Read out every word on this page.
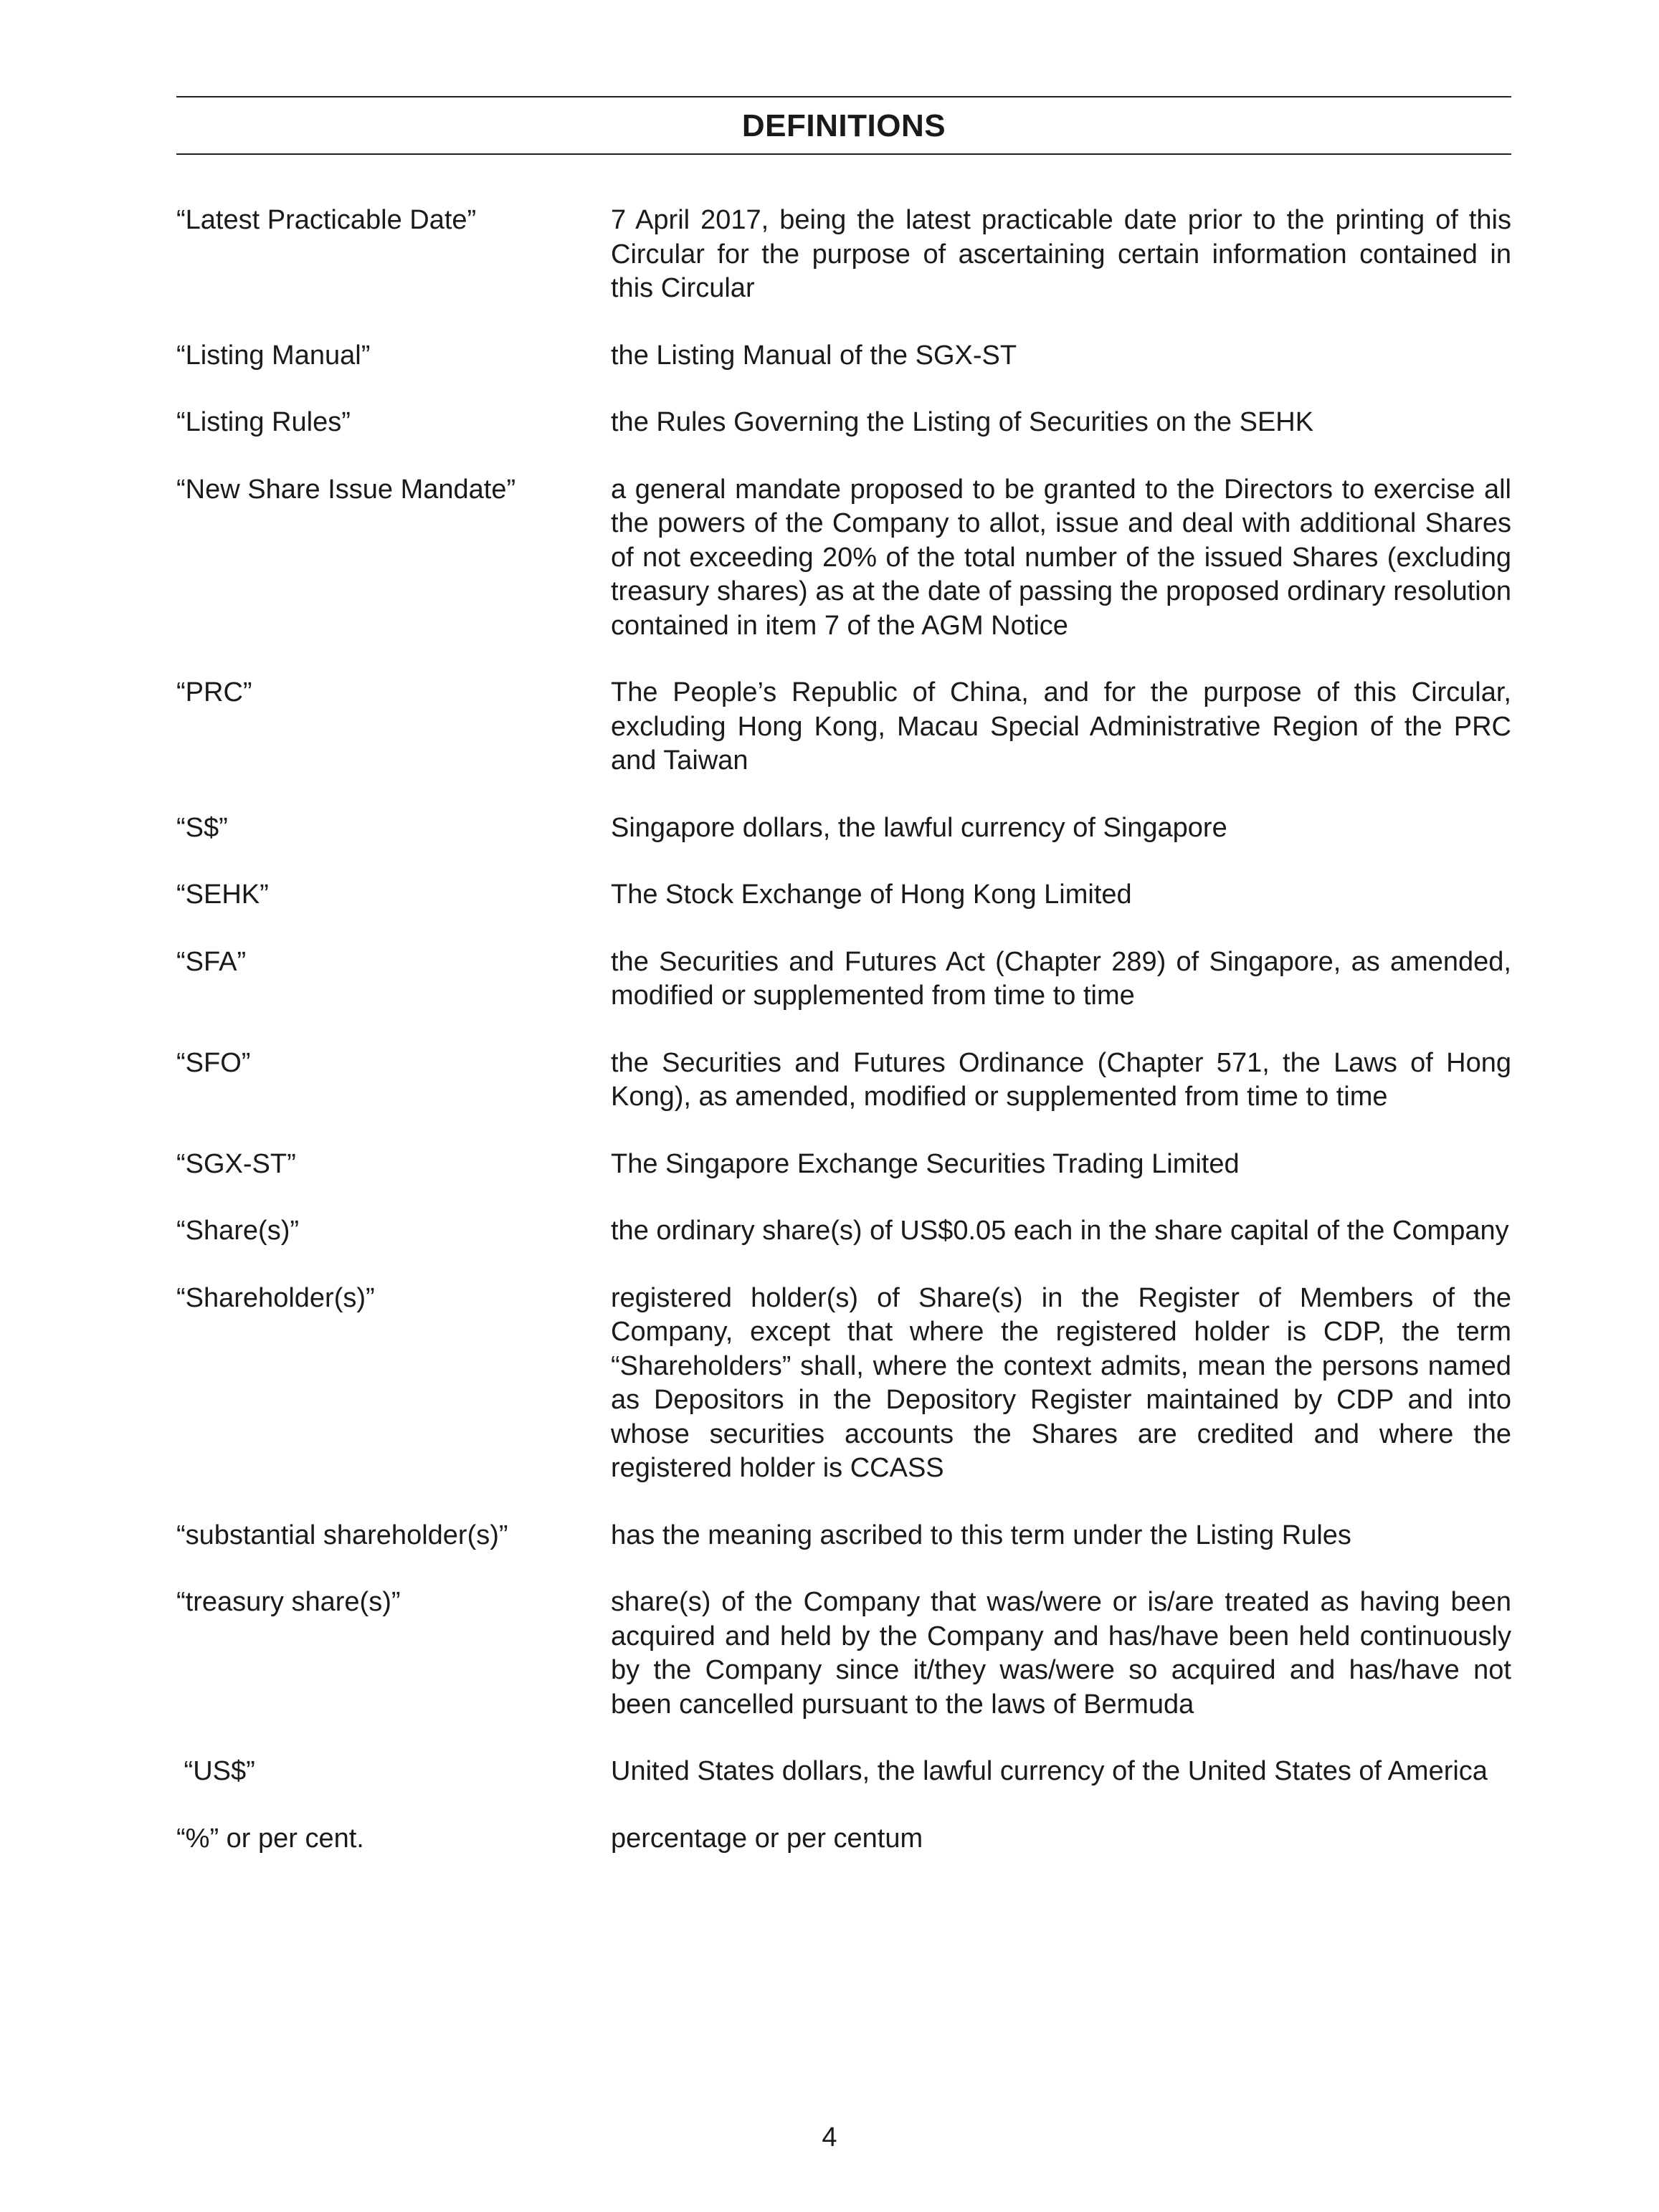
DEFINITIONS
“Latest Practicable Date”	7 April 2017, being the latest practicable date prior to the printing of this Circular for the purpose of ascertaining certain information contained in this Circular
“Listing Manual”	the Listing Manual of the SGX-ST
“Listing Rules”	the Rules Governing the Listing of Securities on the SEHK
“New Share Issue Mandate”	a general mandate proposed to be granted to the Directors to exercise all the powers of the Company to allot, issue and deal with additional Shares of not exceeding 20% of the total number of the issued Shares (excluding treasury shares) as at the date of passing the proposed ordinary resolution contained in item 7 of the AGM Notice
“PRC”	The People’s Republic of China, and for the purpose of this Circular, excluding Hong Kong, Macau Special Administrative Region of the PRC and Taiwan
“S$”	Singapore dollars, the lawful currency of Singapore
“SEHK”	The Stock Exchange of Hong Kong Limited
“SFA”	the Securities and Futures Act (Chapter 289) of Singapore, as amended, modified or supplemented from time to time
“SFO”	the Securities and Futures Ordinance (Chapter 571, the Laws of Hong Kong), as amended, modified or supplemented from time to time
“SGX-ST”	The Singapore Exchange Securities Trading Limited
“Share(s)”	the ordinary share(s) of US$0.05 each in the share capital of the Company
“Shareholder(s)”	registered holder(s) of Share(s) in the Register of Members of the Company, except that where the registered holder is CDP, the term “Shareholders” shall, where the context admits, mean the persons named as Depositors in the Depository Register maintained by CDP and into whose securities accounts the Shares are credited and where the registered holder is CCASS
“substantial shareholder(s)”	has the meaning ascribed to this term under the Listing Rules
“treasury share(s)”	share(s) of the Company that was/were or is/are treated as having been acquired and held by the Company and has/have been held continuously by the Company since it/they was/were so acquired and has/have not been cancelled pursuant to the laws of Bermuda
“US$”	United States dollars, the lawful currency of the United States of America
“%” or per cent.	percentage or per centum
4
